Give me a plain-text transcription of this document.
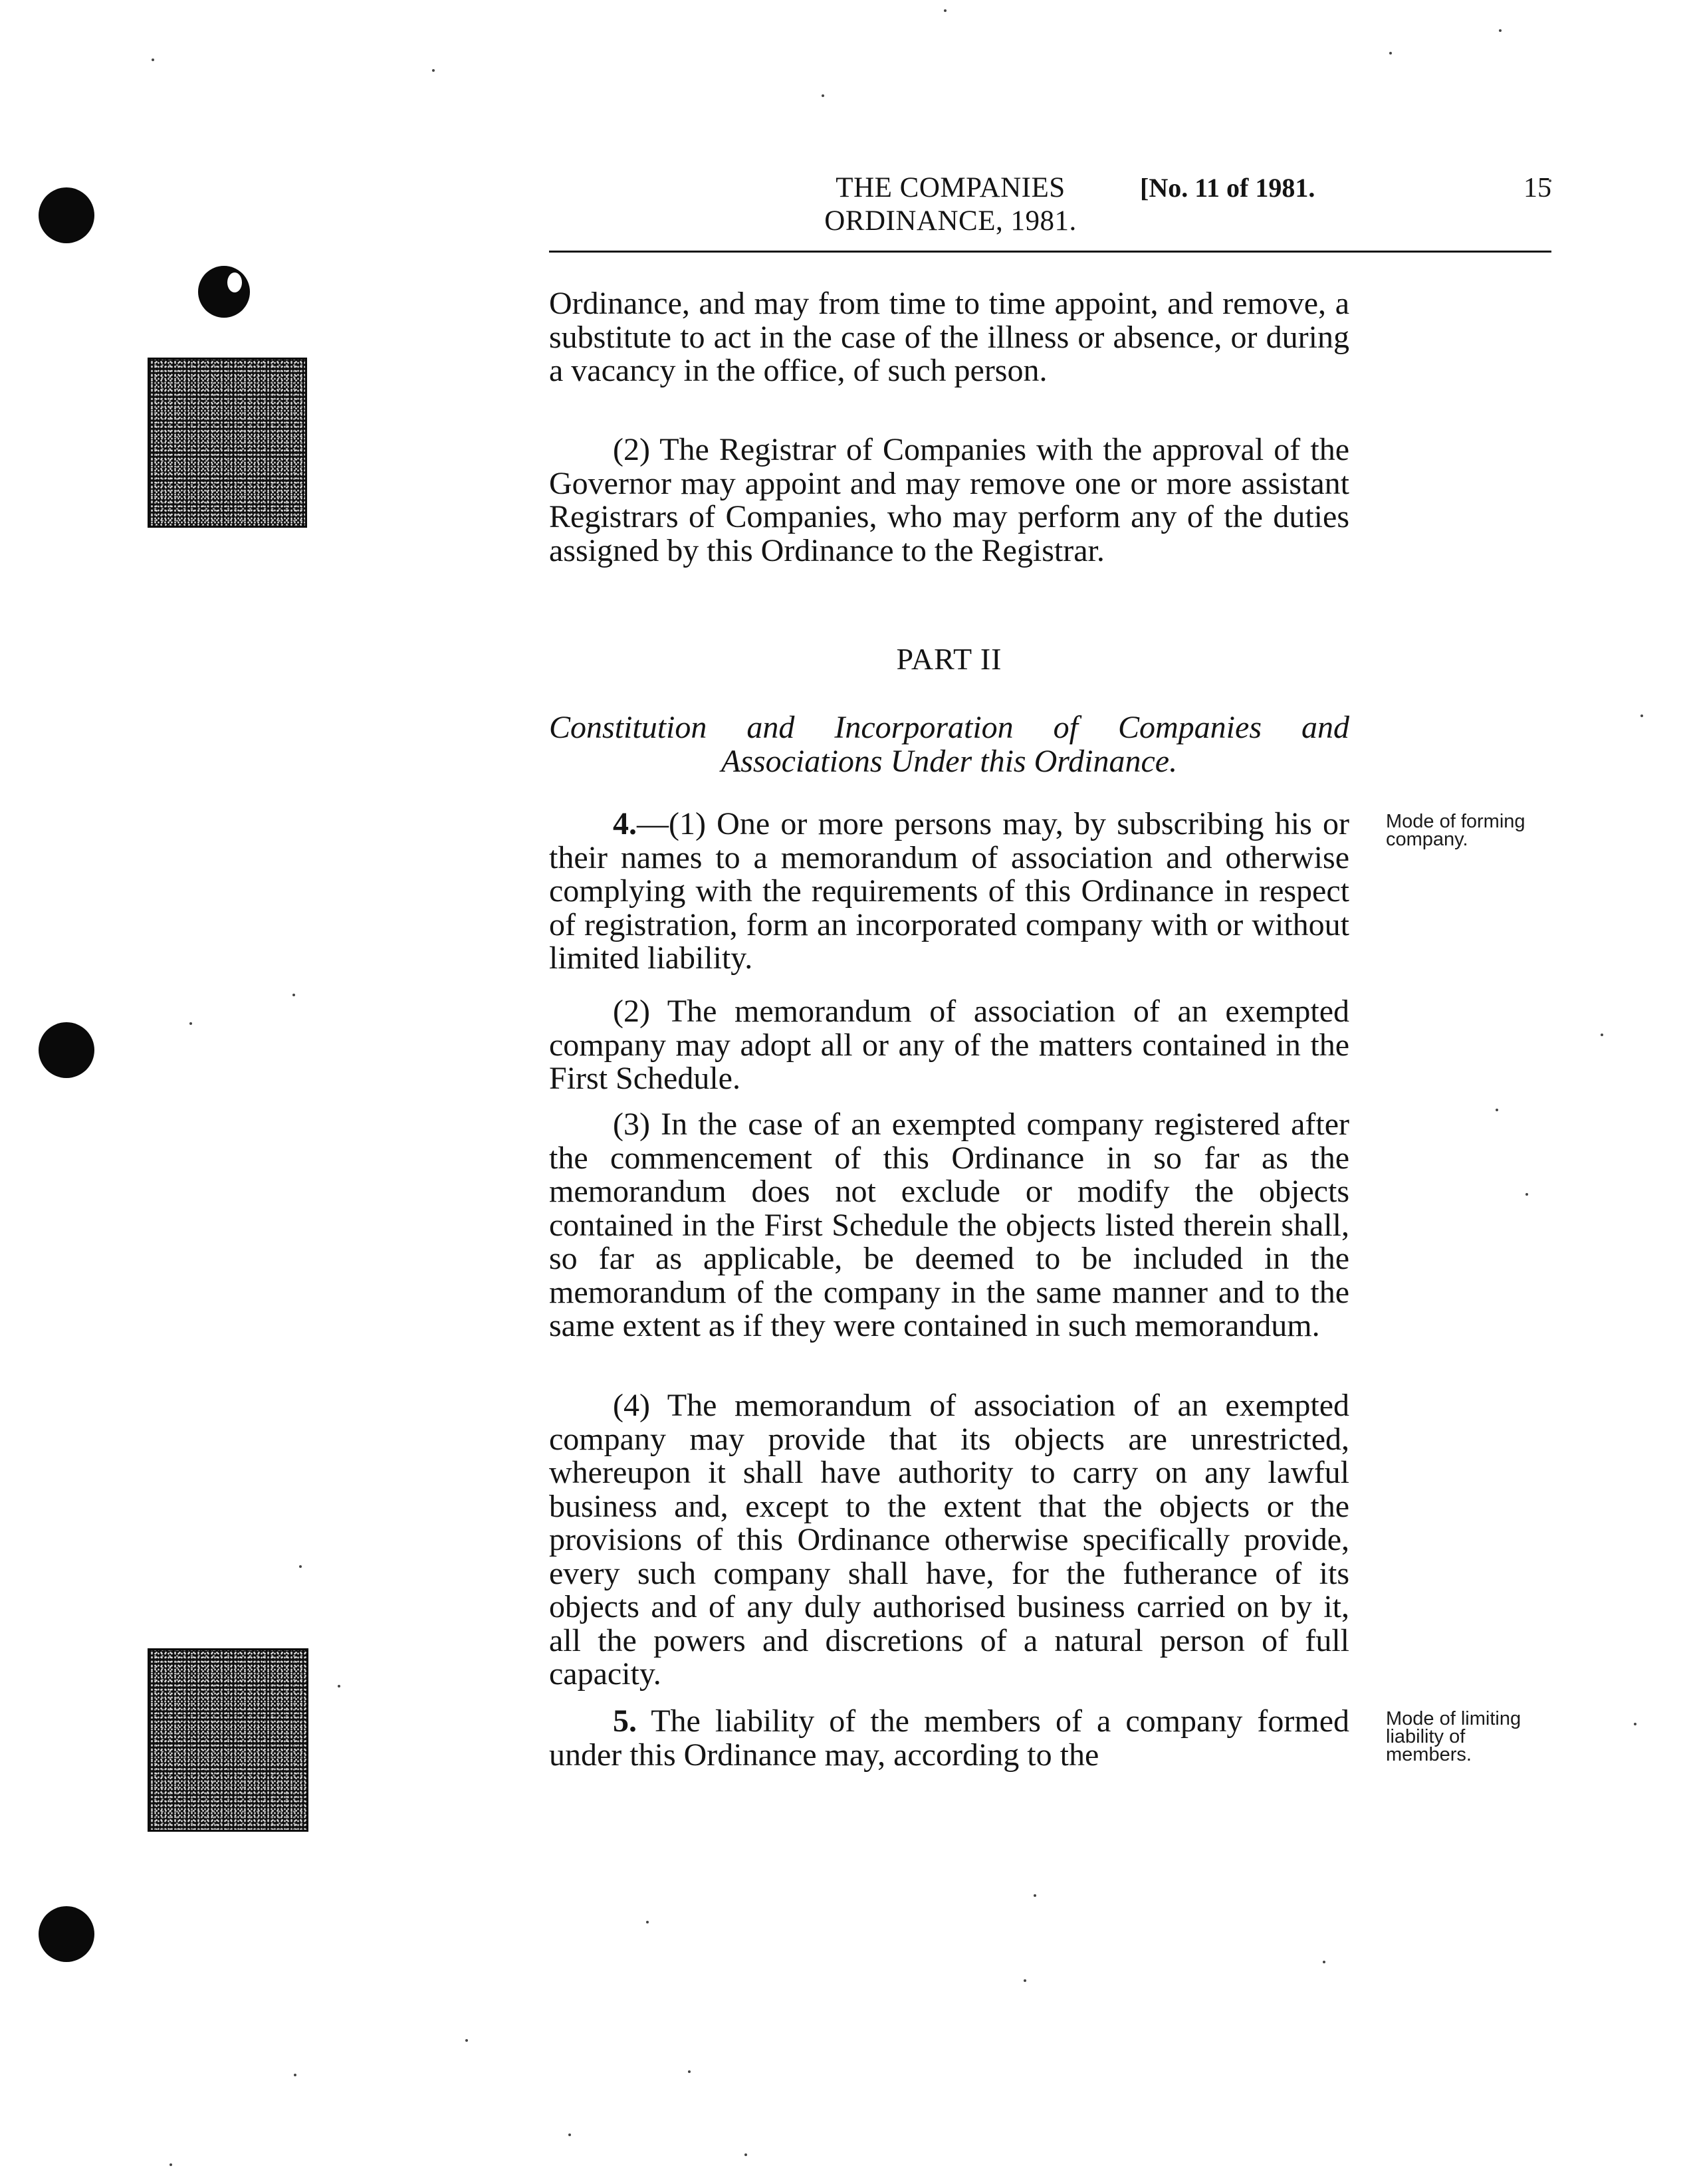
THE COMPANIES
ORDINANCE, 1981.
[No. 11 of 1981.	15
Ordinance, and may from time to time appoint, and remove, a substitute to act in the case of the illness or absence, or during a vacancy in the office, of such person.
(2) The Registrar of Companies with the approval of the Governor may appoint and may remove one or more assistant Registrars of Companies, who may perform any of the duties assigned by this Ordinance to the Registrar.
PART II
Constitution and Incorporation of Companies and Associations Under this Ordinance.
4.—(1) One or more persons may, by subscribing his or their names to a memorandum of association and otherwise complying with the requirements of this Ordinance in respect of registration, form an incorporated company with or without limited liability.
Mode of forming company.
(2) The memorandum of association of an exempted company may adopt all or any of the matters contained in the First Schedule.
(3) In the case of an exempted company registered after the commencement of this Ordinance in so far as the memorandum does not exclude or modify the objects contained in the First Schedule the objects listed therein shall, so far as applicable, be deemed to be included in the memorandum of the company in the same manner and to the same extent as if they were contained in such memorandum.
(4) The memorandum of association of an exempted company may provide that its objects are unrestricted, whereupon it shall have authority to carry on any lawful business and, except to the extent that the objects or the provisions of this Ordinance otherwise specifically provide, every such company shall have, for the futherance of its objects and of any duly authorised business carried on by it, all the powers and discretions of a natural person of full capacity.
5. The liability of the members of a company formed under this Ordinance may, according to the
Mode of limiting liability of members.
